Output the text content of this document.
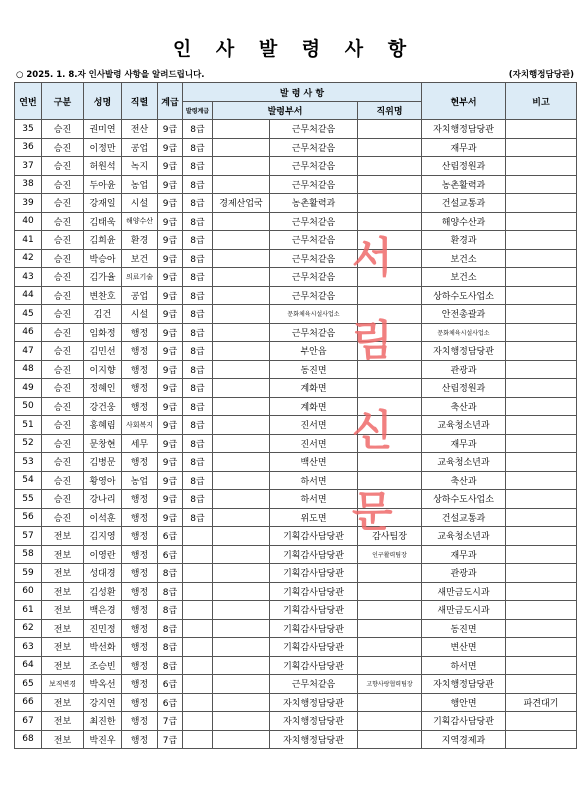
인 사 발 령 사 항
○ 2025. 1. 8.자 인사발령 사항을 알려드립니다.	(자치행정담당관)
연번	구분	성명	직렬	계급	발 령 사 항				현부서	비고
					발령계급	발령부서		직위명		
35	승진	권미연	전산	9급	8급		근무처같음		자치행정담당관	
36	승진	이정만	공업	9급	8급		근무처같음		재무과	
37	승진	허원석	녹지	9급	8급		근무처같음		산림정원과	
38	승진	두아윤	농업	9급	8급		근무처같음		농촌활력과	
39	승진	강재일	시설	9급	8급	경제산업국	농촌활력과		건설교통과	
40	승진	김태욱	해양수산	9급	8급		근무처같음		해양수산과	
41	승진	김희윤	환경	9급	8급		근무처같음		환경과	
42	승진	박승아	보건	9급	8급		근무처같음		보건소	
43	승진	김가율	의료기술	9급	8급		근무처같음		보건소	
44	승진	변찬호	공업	9급	8급		근무처같음		상하수도사업소	
45	승진	김건	시설	9급	8급		문화체육시설사업소		안전총괄과	
46	승진	임화정	행정	9급	8급		근무처같음		문화체육시설사업소	
47	승진	김민선	행정	9급	8급		부안읍		자치행정담당관	
48	승진	이지향	행정	9급	8급		동진면		관광과	
49	승진	정혜인	행정	9급	8급		계화면		산림정원과	
50	승진	강건웅	행정	9급	8급		계화면		축산과	
51	승진	홍혜림	사회복지	9급	8급		진서면		교육청소년과	
52	승진	문창현	세무	9급	8급		진서면		재무과	
53	승진	김병문	행정	9급	8급		백산면		교육청소년과	
54	승진	황영아	농업	9급	8급		하서면		축산과	
55	승진	강나리	행정	9급	8급		하서면		상하수도사업소	
56	승진	이석훈	행정	9급	8급		위도면		건설교통과	
57	전보	김지영	행정	6급			기획감사담당관	감사팀장	교육청소년과	
58	전보	이영란	행정	6급			기획감사담당관	인구활력팀장	재무과	
59	전보	성대경	행정	8급			기획감사담당관		관광과	
60	전보	김성환	행정	8급			기획감사담당관		새만금도시과	
61	전보	백은경	행정	8급			기획감사담당관		새만금도시과	
62	전보	진민정	행정	8급			기획감사담당관		동진면	
63	전보	박선화	행정	8급			기획감사담당관		변산면	
64	전보	조승빈	행정	8급			기획감사담당관		하서면	
65	보직변경	박옥선	행정	6급			근무처같음	고향사랑협력팀장	자치행정담당관	
66	전보	강지연	행정	6급			자치행정담당관		행안면	파견대기
67	전보	최진한	행정	7급			자치행정담당관		기획감사담당관	
68	전보	박진우	행정	7급			자치행정담당관		지역경제과	
서
림
신
문
